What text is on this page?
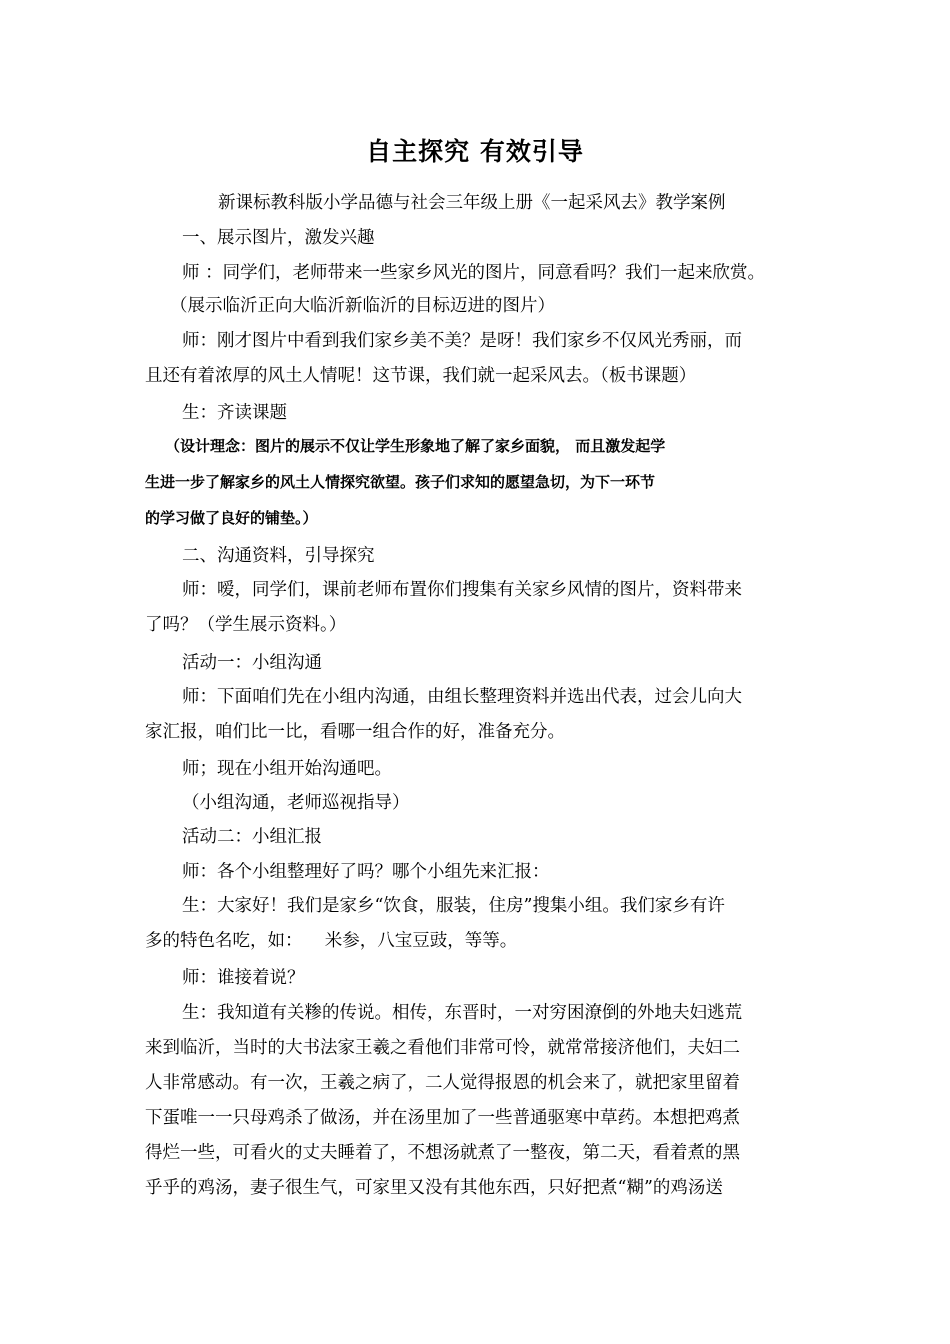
自主探究 有效引导
新课标教科版小学品德与社会三年级上册《一起采风去》教学案例
一、展示图片，激发兴趣
师 ：同学们，老师带来一些家乡风光的图片，同意看吗？我们一起来欣赏。
（展示临沂正向大临沂新临沂的目标迈进的图片）
师：刚才图片中看到我们家乡美不美？是呀！我们家乡不仅风光秀丽，而
且还有着浓厚的风土人情呢！这节课，我们就一起采风去。（板书课题）
生：齐读课题
（设计理念：图片的展示不仅让学生形象地了解了家乡面貌， 而且激发起学
生进一步了解家乡的风土人情探究欲望。孩子们求知的愿望急切，为下一环节
的学习做了良好的铺垫。）
二、沟通资料，引导探究
师：嗳，同学们，课前老师布置你们搜集有关家乡风情的图片，资料带来
了吗？（学生展示资料。）
活动一：小组沟通
师：下面咱们先在小组内沟通，由组长整理资料并选出代表，过会儿向大
家汇报，咱们比一比，看哪一组合作的好，准备充分。
师；现在小组开始沟通吧。
（小组沟通，老师巡视指导）
活动二：小组汇报
师：各个小组整理好了吗？哪个小组先来汇报：
生：大家好！我们是家乡“饮食，服装，住房”搜集小组。我们家乡有许
多的特色名吃，如：    米参，八宝豆豉，等等。
师：谁接着说？
生：我知道有关糁的传说。相传，东晋时，一对穷困潦倒的外地夫妇逃荒
来到临沂，当时的大书法家王羲之看他们非常可怜，就常常接济他们，夫妇二
人非常感动。有一次，王羲之病了，二人觉得报恩的机会来了，就把家里留着
下蛋唯一一只母鸡杀了做汤，并在汤里加了一些普通驱寒中草药。本想把鸡煮
得烂一些，可看火的丈夫睡着了，不想汤就煮了一整夜，第二天，看着煮的黑
乎乎的鸡汤，妻子很生气，可家里又没有其他东西，只好把煮“糊”的鸡汤送
